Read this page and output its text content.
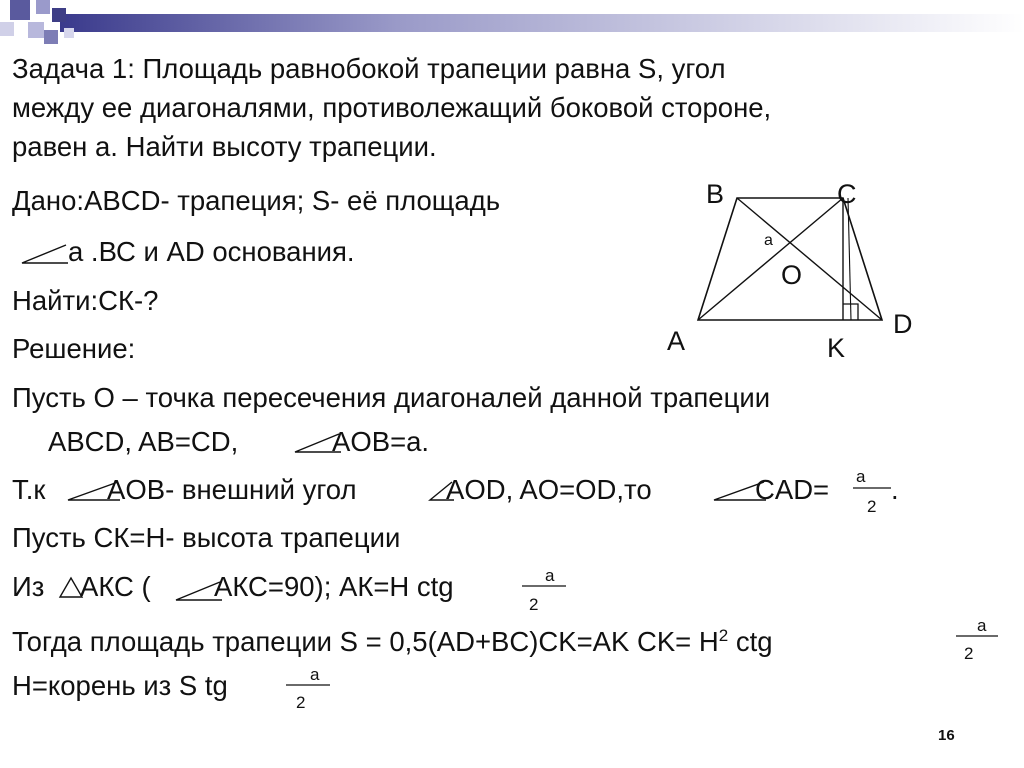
Задача 1: Площадь равнобокой трапеции равна S, угол
между ее диагоналями, противолежащий боковой стороне,
равен а. Найти высоту трапеции.
Дано:ABCD- трапеция; S- её площадь
а .ВС и AD основания.
Найти:СК-?
Решение:
Пусть О – точка пересечения диагоналей данной трапеции
ABCD, AB=CD,	AOB=a.
Т.к AOB- внешний угол	AOD, AO=OD,то	CAD= a
2
.
Пусть СК=Н- высота трапеции
Из АКС ( АКС=90); АК=Н ctg	a
2
Тогда площадь трапеции S = 0,5(AD+BC)CK=AK $CK= H^2$ ctg
a
2
Н=корень из S tg	a
2
B	C
a
O
D
A	K
16
